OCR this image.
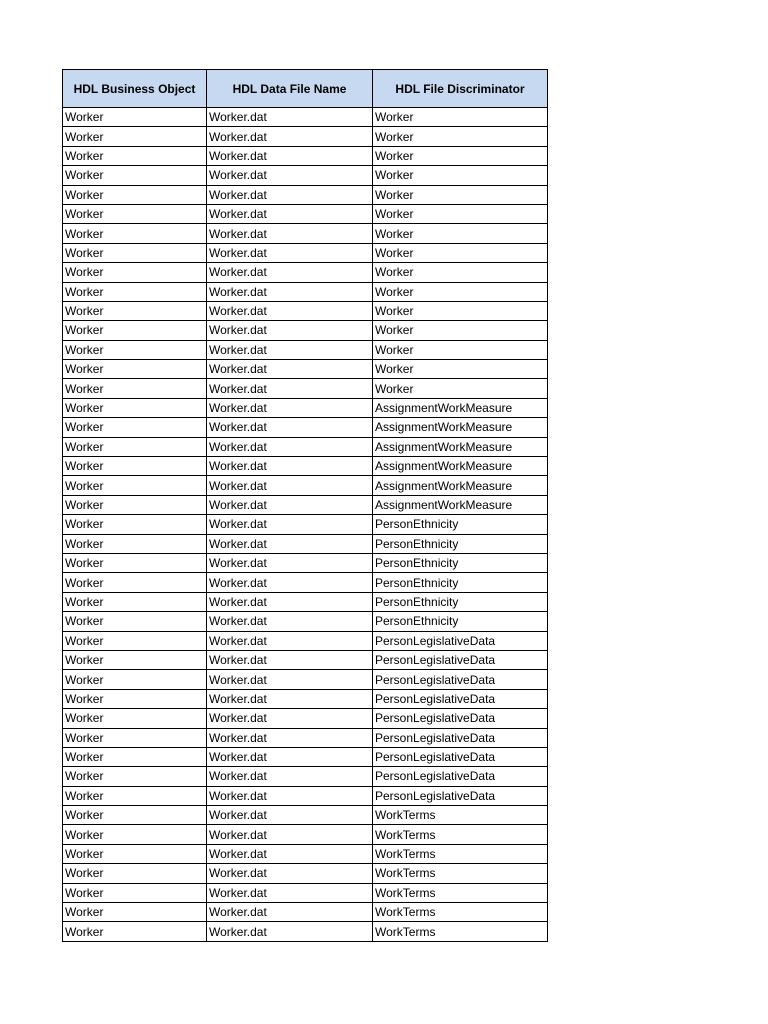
HDL Business Object	HDL Data File Name	HDL File Discriminator
Worker	Worker.dat	Worker
Worker	Worker.dat	Worker
Worker	Worker.dat	Worker
Worker	Worker.dat	Worker
Worker	Worker.dat	Worker
Worker	Worker.dat	Worker
Worker	Worker.dat	Worker
Worker	Worker.dat	Worker
Worker	Worker.dat	Worker
Worker	Worker.dat	Worker
Worker	Worker.dat	Worker
Worker	Worker.dat	Worker
Worker	Worker.dat	Worker
Worker	Worker.dat	Worker
Worker	Worker.dat	Worker
Worker	Worker.dat	AssignmentWorkMeasure
Worker	Worker.dat	AssignmentWorkMeasure
Worker	Worker.dat	AssignmentWorkMeasure
Worker	Worker.dat	AssignmentWorkMeasure
Worker	Worker.dat	AssignmentWorkMeasure
Worker	Worker.dat	AssignmentWorkMeasure
Worker	Worker.dat	PersonEthnicity
Worker	Worker.dat	PersonEthnicity
Worker	Worker.dat	PersonEthnicity
Worker	Worker.dat	PersonEthnicity
Worker	Worker.dat	PersonEthnicity
Worker	Worker.dat	PersonEthnicity
Worker	Worker.dat	PersonLegislativeData
Worker	Worker.dat	PersonLegislativeData
Worker	Worker.dat	PersonLegislativeData
Worker	Worker.dat	PersonLegislativeData
Worker	Worker.dat	PersonLegislativeData
Worker	Worker.dat	PersonLegislativeData
Worker	Worker.dat	PersonLegislativeData
Worker	Worker.dat	PersonLegislativeData
Worker	Worker.dat	PersonLegislativeData
Worker	Worker.dat	WorkTerms
Worker	Worker.dat	WorkTerms
Worker	Worker.dat	WorkTerms
Worker	Worker.dat	WorkTerms
Worker	Worker.dat	WorkTerms
Worker	Worker.dat	WorkTerms
Worker	Worker.dat	WorkTerms
